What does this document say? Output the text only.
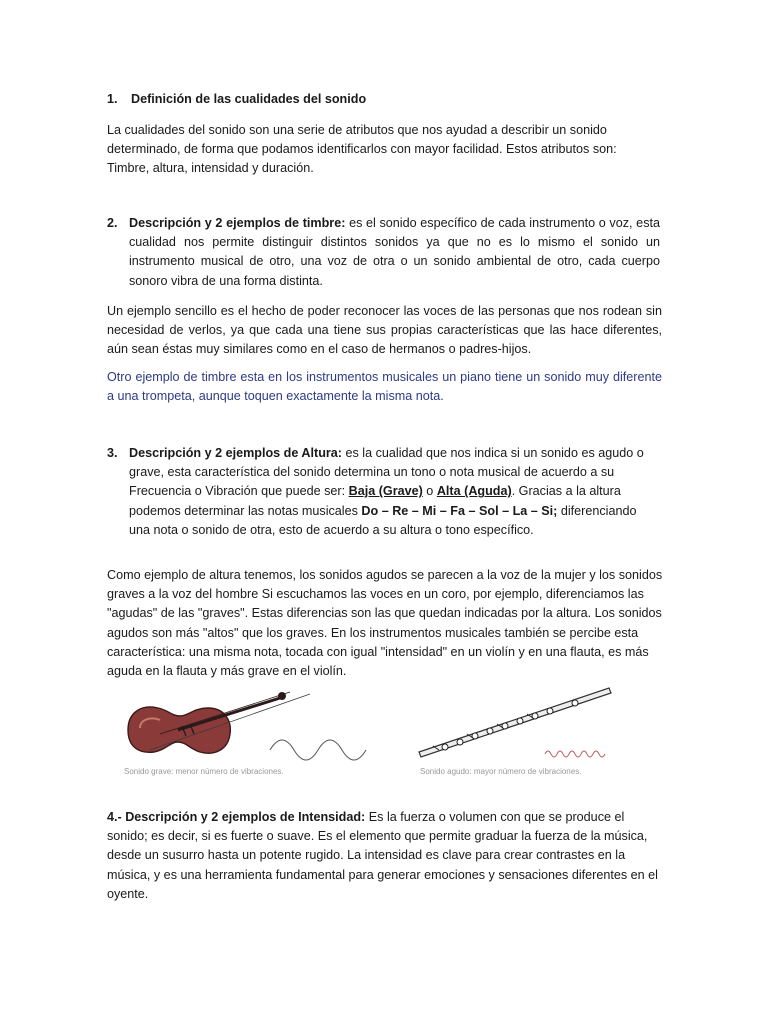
1. Definición de las cualidades del sonido

La cualidades del sonido son una serie de atributos que nos ayudad a describir un sonido determinado, de forma que podamos identificarlos con mayor facilidad. Estos atributos son: Timbre, altura, intensidad y duración.

2. Descripción y 2 ejemplos de timbre: es el sonido específico de cada instrumento o voz, esta cualidad nos permite distinguir distintos sonidos ya que no es lo mismo el sonido un instrumento musical de otro, una voz de otra o un sonido ambiental de otro, cada cuerpo sonoro vibra de una forma distinta.

Un ejemplo sencillo es el hecho de poder reconocer las voces de las personas que nos rodean sin necesidad de verlos, ya que cada una tiene sus propias características que las hace diferentes, aún sean éstas muy similares como en el caso de hermanos o padres-hijos.

Otro ejemplo de timbre esta en los instrumentos musicales un piano tiene un sonido muy diferente a una trompeta, aunque toquen exactamente la misma nota.

3. Descripción y 2 ejemplos de Altura: es la cualidad que nos indica si un sonido es agudo o grave, esta característica del sonido determina un tono o nota musical de acuerdo a su Frecuencia o Vibración que puede ser: Baja (Grave) o Alta (Aguda). Gracias a la altura podemos determinar las notas musicales Do – Re – Mi – Fa – Sol – La – Si; diferenciando una nota o sonido de otra, esto de acuerdo a su altura o tono específico.

Como ejemplo de altura tenemos, los sonidos agudos se parecen a la voz de la mujer y los sonidos graves a la voz del hombre Si escuchamos las voces en un coro, por ejemplo, diferenciamos las "agudas" de las "graves". Estas diferencias son las que quedan indicadas por la altura. Los sonidos agudos son más "altos" que los graves. En los instrumentos musicales también se percibe esta característica: una misma nota, tocada con igual "intensidad" en un violín y en una flauta, es más aguda en la flauta y más grave en el violín.

Sonido grave: menor número de vibraciones.	Sonido agudo: mayor número de vibraciones.

4.- Descripción y 2 ejemplos de Intensidad: Es la fuerza o volumen con que se produce el sonido; es decir, si es fuerte o suave. Es el elemento que permite graduar la fuerza de la música, desde un susurro hasta un potente rugido. La intensidad es clave para crear contrastes en la música, y es una herramienta fundamental para generar emociones y sensaciones diferentes en el oyente.
